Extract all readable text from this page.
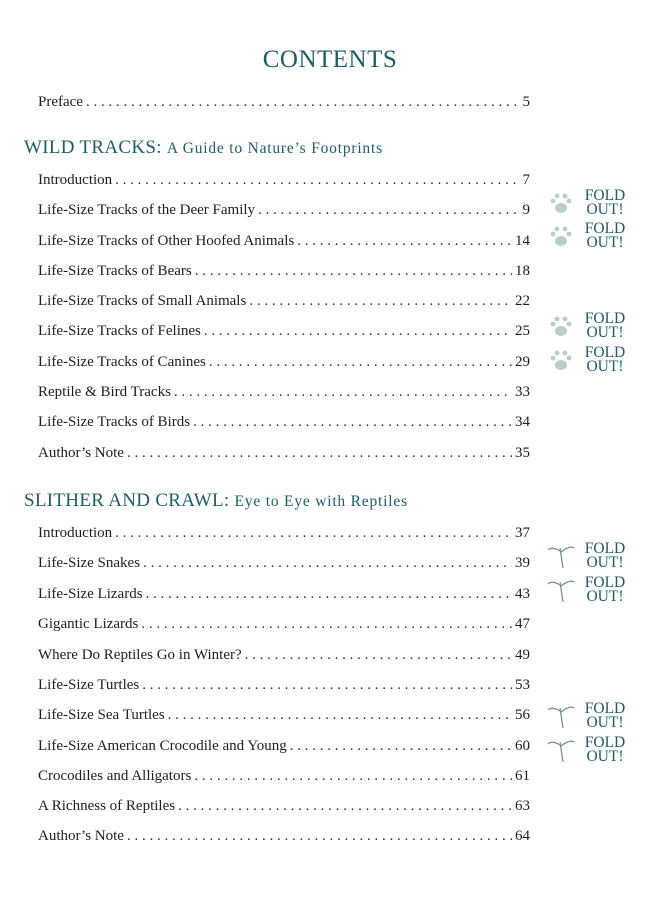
CONTENTS
Preface . . .	5
WILD TRACKS: A Guide to Nature’s Footprints
Introduction . . .	7
Life-Size Tracks of the Deer Family . . .	9
Life-Size Tracks of Other Hoofed Animals . . .	14
Life-Size Tracks of Bears . . .	18
Life-Size Tracks of Small Animals . . .	22
Life-Size Tracks of Felines . . .	25
Life-Size Tracks of Canines . . .	29
Reptile & Bird Tracks . . .	33
Life-Size Tracks of Birds . . .	34
Author’s Note . . .	35
SLITHER AND CRAWL: Eye to Eye with Reptiles
Introduction . . .	37
Life-Size Snakes . . .	39
Life-Size Lizards . . .	43
Gigantic Lizards . . .	47
Where Do Reptiles Go in Winter? . . .	49
Life-Size Turtles . . .	53
Life-Size Sea Turtles . . .	56
Life-Size American Crocodile and Young . . .	60
Crocodiles and Alligators . . .	61
A Richness of Reptiles . . .	63
Author’s Note . . .	64
FOLD
OUT!
FOLD
OUT!
FOLD
OUT!
FOLD
OUT!
FOLD
OUT!
FOLD
OUT!
FOLD
OUT!
FOLD
OUT!
